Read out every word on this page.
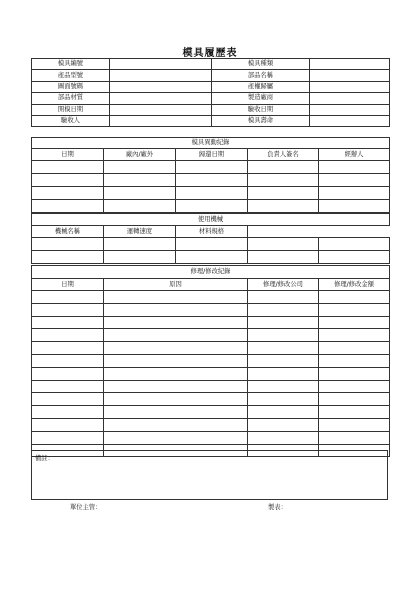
模具履歷表
模具編號		模具種類	
產品型號		部品名稱	
圖面號碼		產權歸屬	
部品材質		製造廠商	
開模日期		驗收日期	
驗收人		模具壽命	
模具異動紀錄				
日期	廠內/廠外	歸還日期	負責人簽名	經辦人

使用機械				
機械名稱	運轉速度	材料規格		

修理/修改紀錄			
日期	原因	修理/修改公司	修理/修改金額

備註：
單位主管：	製表：
